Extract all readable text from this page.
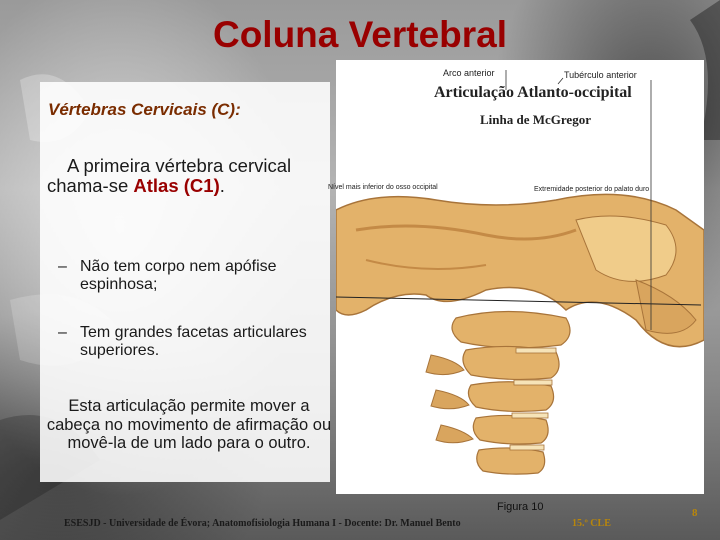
Coluna Vertebral
Vértebras Cervicais (C):
A primeira vértebra cervical chama-se Atlas (C1).
– Não tem corpo nem apófise espinhosa;
– Tem grandes facetas articulares superiores.
Esta articulação permite mover a cabeça no movimento de afirmação ou movê-la de um lado para o outro.
Arco anterior	Tubérculo anterior
Articulação Atlanto-occipital
Linha de McGregor
Nível mais inferior do osso occipital	Extremidade posterior do palato duro
Figura 10
ESESJD - Universidade de Évora; Anatomofisiologia Humana I - Docente: Dr. Manuel Bento	15.º CLE
8
